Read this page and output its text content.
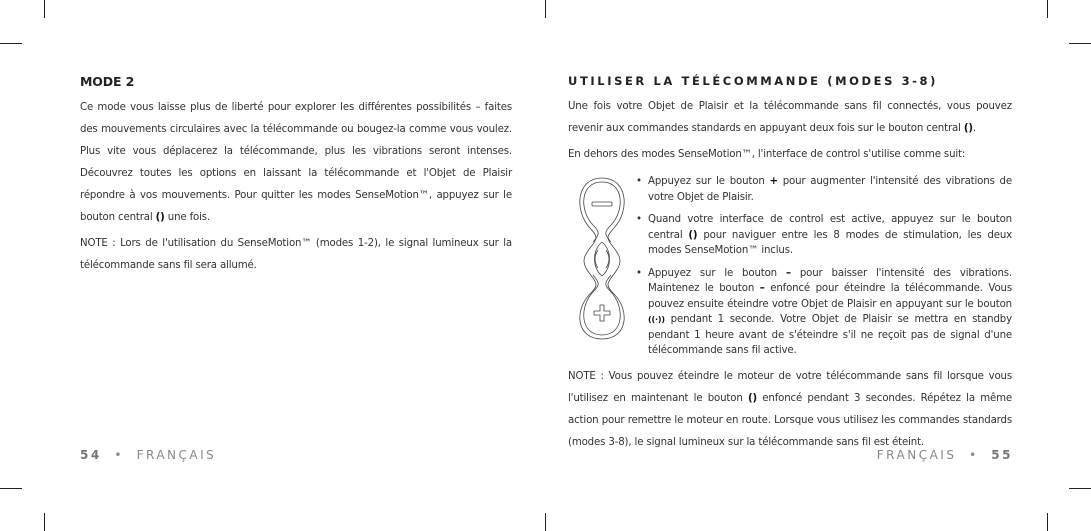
MODE 2

Ce mode vous laisse plus de liberté pour explorer les différentes possibilités – faites des mouvements circulaires avec la télécommande ou bougez-la comme vous voulez. Plus vite vous déplacerez la télécommande, plus les vibrations seront intenses. Découvrez toutes les options en laissant la télécommande et l'Objet de Plaisir répondre à vos mouvements. Pour quitter les modes SenseMotion™, appuyez sur le bouton central () une fois.

NOTE : Lors de l'utilisation du SenseMotion™ (modes 1-2), le signal lumineux sur la télécommande sans fil sera allumé.

UTILISER LA TÉLÉCOMMANDE (MODES 3-8)

Une fois votre Objet de Plaisir et la télécommande sans fil connectés, vous pouvez revenir aux commandes standards en appuyant deux fois sur le bouton central ().

En dehors des modes SenseMotion™, l'interface de control s'utilise comme suit:

• Appuyez sur le bouton + pour augmenter l'intensité des vibrations de votre Objet de Plaisir.
• Quand votre interface de control est active, appuyez sur le bouton central () pour naviguer entre les 8 modes de stimulation, les deux modes SenseMotion™ inclus.
• Appuyez sur le bouton – pour baisser l'intensité des vibrations. Maintenez le bouton – enfoncé pour éteindre la télécommande. Vous pouvez ensuite éteindre votre Objet de Plaisir en appuyant sur le bouton ((·)) pendant 1 seconde. Votre Objet de Plaisir se mettra en standby pendant 1 heure avant de s'éteindre s'il ne reçoit pas de signal d'une télécommande sans fil active.

NOTE : Vous pouvez éteindre le moteur de votre télécommande sans fil lorsque vous l'utilisez en maintenant le bouton () enfoncé pendant 3 secondes. Répétez la même action pour remettre le moteur en route. Lorsque vous utilisez les commandes standards (modes 3-8), le signal lumineux sur la télécommande sans fil est éteint.

54 • FRANÇAIS	FRANÇAIS • 55
